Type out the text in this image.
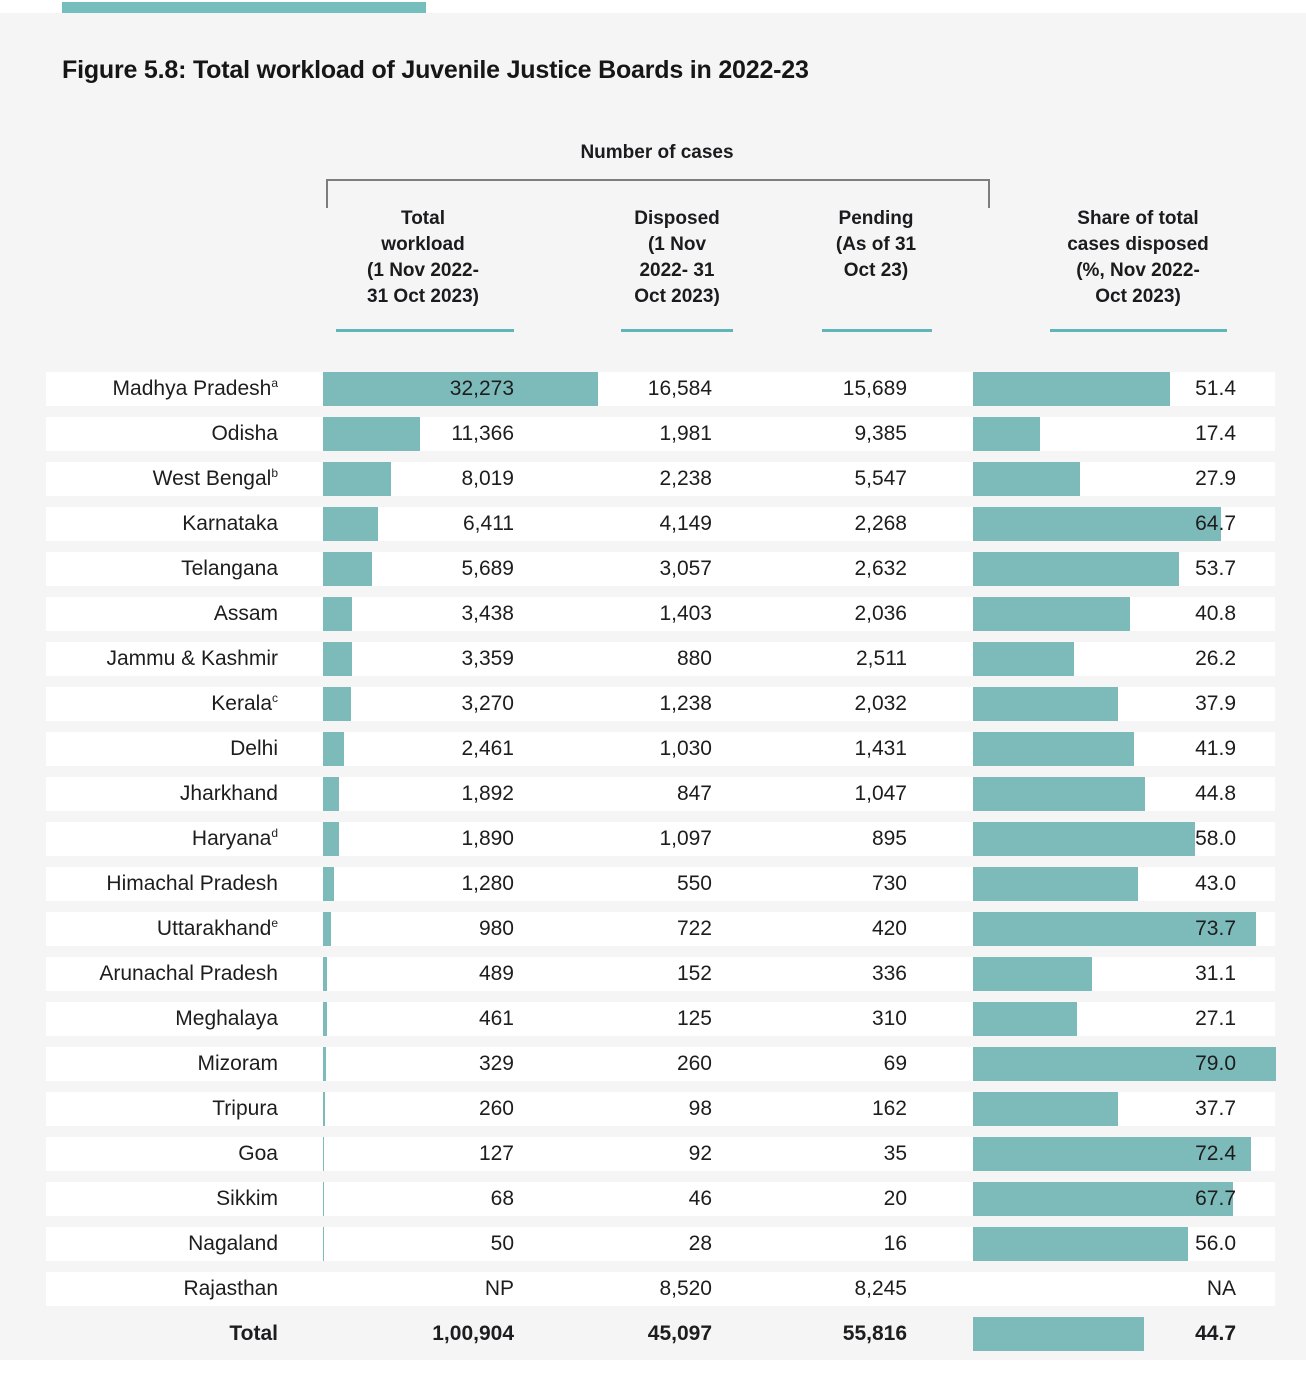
Figure 5.8: Total workload of Juvenile Justice Boards in 2022-23
Number of cases
Total
workload
(1 Nov 2022-
31 Oct 2023)
Disposed
(1 Nov
2022- 31
Oct 2023)
Pending
(As of 31
Oct 23)
Share of total
cases disposed
(%, Nov 2022-
Oct 2023)
Madhya Pradesh$^a$	32,273	16,584	15,689	51.4
Odisha	11,366	1,981	9,385	17.4
West Bengal$^b$	8,019	2,238	5,547	27.9
Karnataka	6,411	4,149	2,268	64.7
Telangana	5,689	3,057	2,632	53.7
Assam	3,438	1,403	2,036	40.8
Jammu & Kashmir	3,359	880	2,511	26.2
Kerala$^c$	3,270	1,238	2,032	37.9
Delhi	2,461	1,030	1,431	41.9
Jharkhand	1,892	847	1,047	44.8
Haryana$^d$	1,890	1,097	895	58.0
Himachal Pradesh	1,280	550	730	43.0
Uttarakhand$^e$	980	722	420	73.7
Arunachal Pradesh	489	152	336	31.1
Meghalaya	461	125	310	27.1
Mizoram	329	260	69	79.0
Tripura	260	98	162	37.7
Goa	127	92	35	72.4
Sikkim	68	46	20	67.7
Nagaland	50	28	16	56.0
Rajasthan	NP	8,520	8,245	NA
Total	1,00,904	45,097	55,816	44.7
